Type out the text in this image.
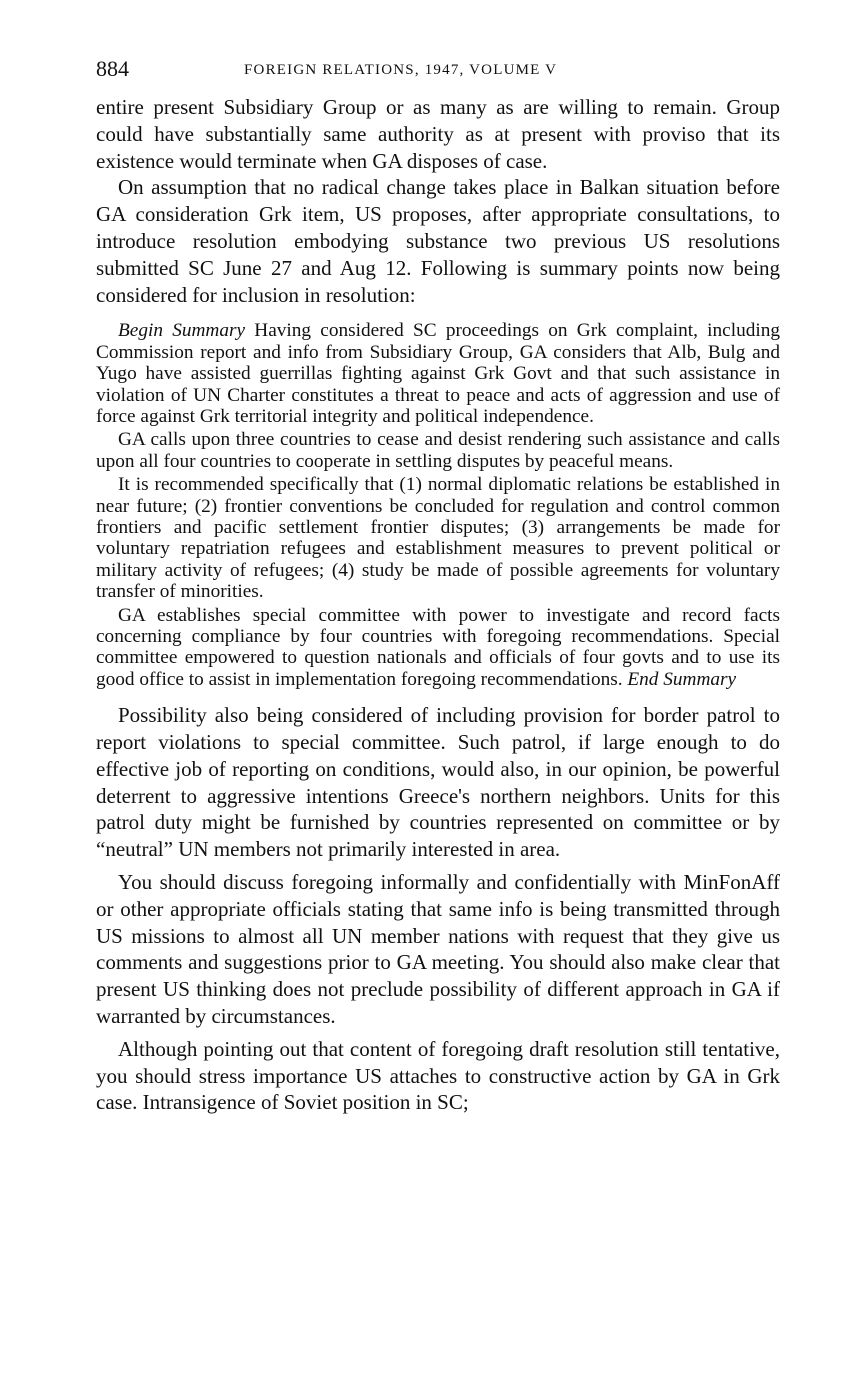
884	FOREIGN RELATIONS, 1947, VOLUME V

entire present Subsidiary Group or as many as are willing to remain. Group could have substantially same authority as at present with proviso that its existence would terminate when GA disposes of case.

On assumption that no radical change takes place in Balkan situation before GA consideration Grk item, US proposes, after appropriate consultations, to introduce resolution embodying substance two previous US resolutions submitted SC June 27 and Aug 12. Following is summary points now being considered for inclusion in resolution:

Begin Summary Having considered SC proceedings on Grk complaint, including Commission report and info from Subsidiary Group, GA considers that Alb, Bulg and Yugo have assisted guerrillas fighting against Grk Govt and that such assistance in violation of UN Charter constitutes a threat to peace and acts of aggression and use of force against Grk territorial integrity and political independence.

GA calls upon three countries to cease and desist rendering such assistance and calls upon all four countries to cooperate in settling disputes by peaceful means.

It is recommended specifically that (1) normal diplomatic relations be established in near future; (2) frontier conventions be concluded for regulation and control common frontiers and pacific settlement frontier disputes; (3) arrangements be made for voluntary repatriation refugees and establishment measures to prevent political or military activity of refugees; (4) study be made of possible agreements for voluntary transfer of minorities.

GA establishes special committee with power to investigate and record facts concerning compliance by four countries with foregoing recommendations. Special committee empowered to question nationals and officials of four govts and to use its good office to assist in implementation foregoing recommendations. End Summary

Possibility also being considered of including provision for border patrol to report violations to special committee. Such patrol, if large enough to do effective job of reporting on conditions, would also, in our opinion, be powerful deterrent to aggressive intentions Greece's northern neighbors. Units for this patrol duty might be furnished by countries represented on committee or by “neutral” UN members not primarily interested in area.

You should discuss foregoing informally and confidentially with MinFonAff or other appropriate officials stating that same info is being transmitted through US missions to almost all UN member nations with request that they give us comments and suggestions prior to GA meeting. You should also make clear that present US thinking does not preclude possibility of different approach in GA if warranted by circumstances.

Although pointing out that content of foregoing draft resolution still tentative, you should stress importance US attaches to constructive action by GA in Grk case. Intransigence of Soviet position in SC;
